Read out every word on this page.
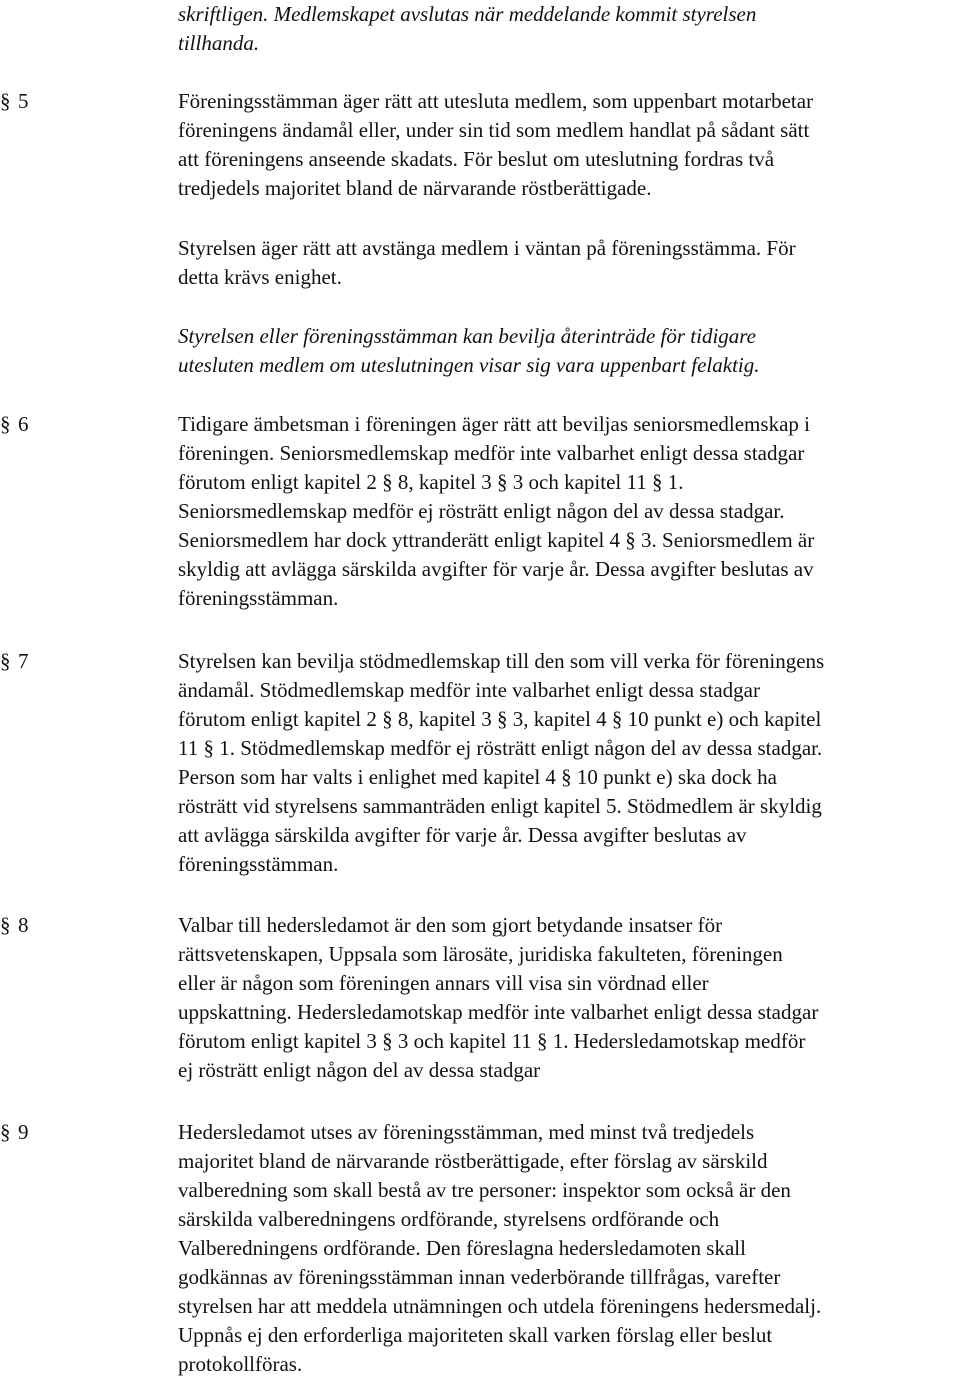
skriftligen. Medlemskapet avslutas när meddelande kommit styrelsen
tillhanda.
§ 5	Föreningsstämman äger rätt att utesluta medlem, som uppenbart motarbetar
föreningens ändamål eller, under sin tid som medlem handlat på sådant sätt
att föreningens anseende skadats. För beslut om uteslutning fordras två
tredjedels majoritet bland de närvarande röstberättigade.
Styrelsen äger rätt att avstänga medlem i väntan på föreningsstämma. För
detta krävs enighet.
Styrelsen eller föreningsstämman kan bevilja återinträde för tidigare
utesluten medlem om uteslutningen visar sig vara uppenbart felaktig.
§ 6	Tidigare ämbetsman i föreningen äger rätt att beviljas seniorsmedlemskap i
föreningen. Seniorsmedlemskap medför inte valbarhet enligt dessa stadgar
förutom enligt kapitel 2 § 8, kapitel 3 § 3 och kapitel 11 § 1.
Seniorsmedlemskap medför ej rösträtt enligt någon del av dessa stadgar.
Seniorsmedlem har dock yttranderätt enligt kapitel 4 § 3. Seniorsmedlem är
skyldig att avlägga särskilda avgifter för varje år. Dessa avgifter beslutas av
föreningsstämman.
§ 7	Styrelsen kan bevilja stödmedlemskap till den som vill verka för föreningens
ändamål. Stödmedlemskap medför inte valbarhet enligt dessa stadgar
förutom enligt kapitel 2 § 8, kapitel 3 § 3, kapitel 4 § 10 punkt e) och kapitel
11 § 1. Stödmedlemskap medför ej rösträtt enligt någon del av dessa stadgar.
Person som har valts i enlighet med kapitel 4 § 10 punkt e) ska dock ha
rösträtt vid styrelsens sammanträden enligt kapitel 5. Stödmedlem är skyldig
att avlägga särskilda avgifter för varje år. Dessa avgifter beslutas av
föreningsstämman.
§ 8	Valbar till hedersledamot är den som gjort betydande insatser för
rättsvetenskapen, Uppsala som lärosäte, juridiska fakulteten, föreningen
eller är någon som föreningen annars vill visa sin vördnad eller
uppskattning. Hedersledamotskap medför inte valbarhet enligt dessa stadgar
förutom enligt kapitel 3 § 3 och kapitel 11 § 1. Hedersledamotskap medför
ej rösträtt enligt någon del av dessa stadgar
§ 9	Hedersledamot utses av föreningsstämman, med minst två tredjedels
majoritet bland de närvarande röstberättigade, efter förslag av särskild
valberedning som skall bestå av tre personer: inspektor som också är den
särskilda valberedningens ordförande, styrelsens ordförande och
Valberedningens ordförande. Den föreslagna hedersledamoten skall
godkännas av föreningsstämman innan vederbörande tillfrågas, varefter
styrelsen har att meddela utnämningen och utdela föreningens hedersmedalj.
Uppnås ej den erforderliga majoriteten skall varken förslag eller beslut
protokollföras.
